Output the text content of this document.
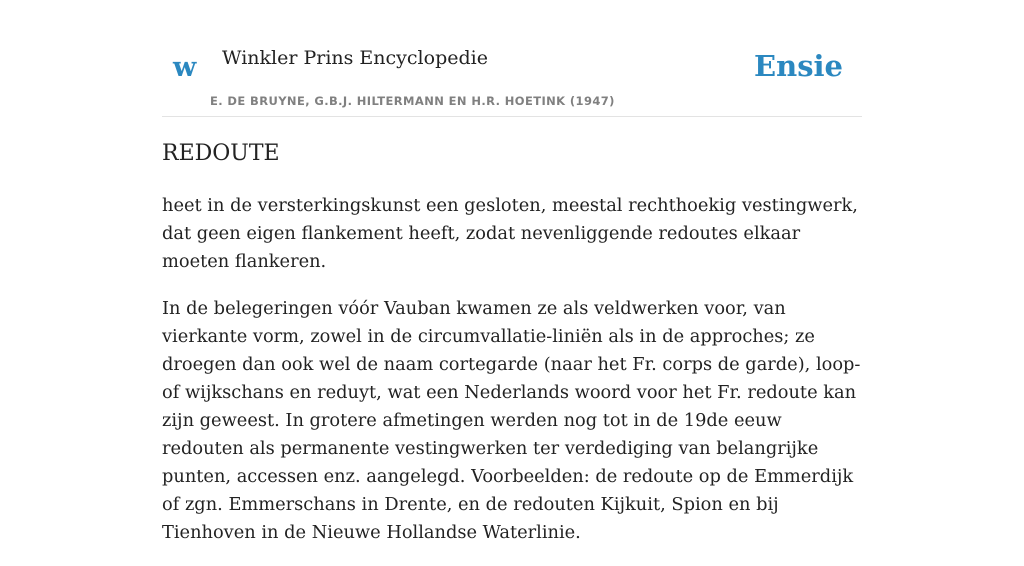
w Winkler Prins Encyclopedie
E. DE BRUYNE, G.B.J. HILTERMANN EN H.R. HOETINK (1947)
Ensie
REDOUTE

heet in de versterkingskunst een gesloten, meestal rechthoekig vestingwerk, dat geen eigen flankement heeft, zodat nevenliggende redoutes elkaar moeten flankeren.

In de belegeringen vóór Vauban kwamen ze als veldwerken voor, van vierkante vorm, zowel in de circumvallatie-liniën als in de approches; ze droegen dan ook wel de naam cortegarde (naar het Fr. corps de garde), loop- of wijkschans en reduyt, wat een Nederlands woord voor het Fr. redoute kan zijn geweest. In grotere afmetingen werden nog tot in de 19de eeuw redouten als permanente vestingwerken ter verdediging van belangrijke punten, accessen enz. aangelegd. Voorbeelden: de redoute op de Emmerdijk of zgn. Emmerschans in Drente, en de redouten Kijkuit, Spion en bij Tienhoven in de Nieuwe Hollandse Waterlinie.
